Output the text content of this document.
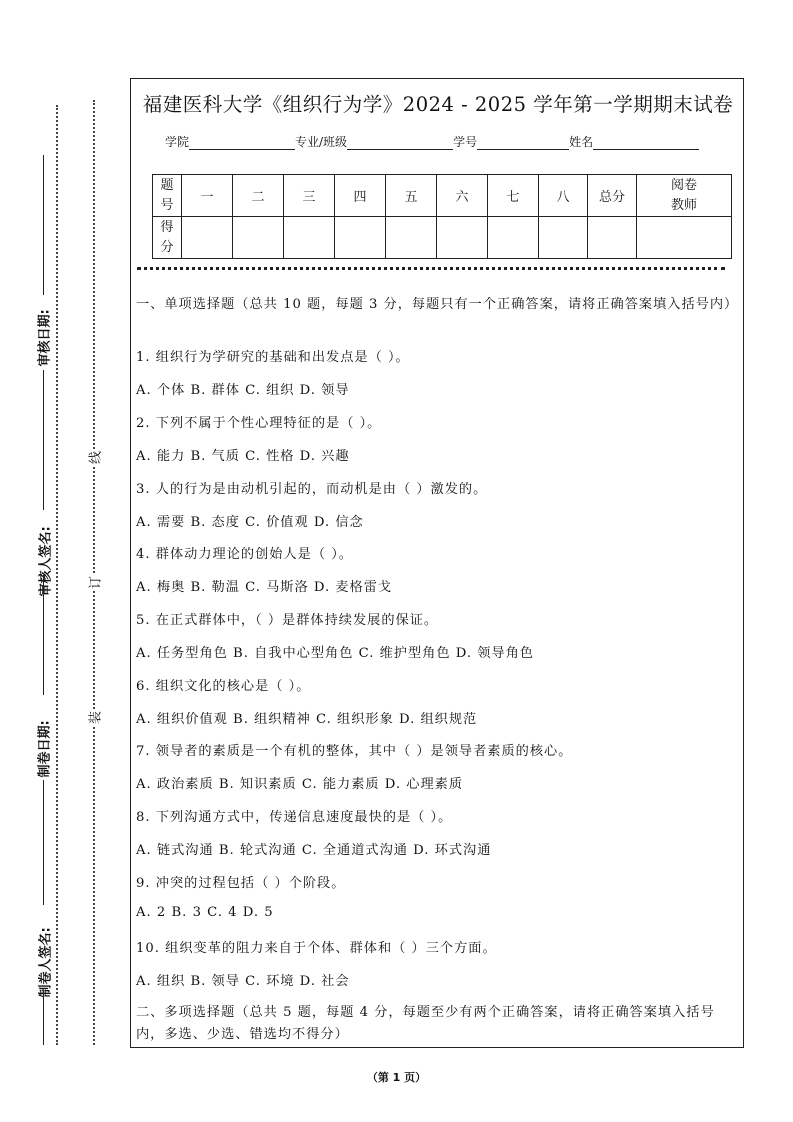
审核日期:
审核人签名:
制卷日期:
制卷人签名:
线
订
装
福建医科大学《组织行为学》2024 - 2025 学年第一学期期末试卷
学院	专业/班级	学号	姓名
题号	一	二	三	四	五	六	七	八	总分	阅卷教师
得分										

一、单项选择题（总共 10 题，每题 3 分，每题只有一个正确答案，请将正确答案填入括号内）

1. 组织行为学研究的基础和出发点是（ ）。

A. 个体 B. 群体 C. 组织 D. 领导

2. 下列不属于个性心理特征的是（ ）。

A. 能力 B. 气质 C. 性格 D. 兴趣

3. 人的行为是由动机引起的，而动机是由（ ）激发的。

A. 需要 B. 态度 C. 价值观 D. 信念

4. 群体动力理论的创始人是（ ）。

A. 梅奥 B. 勒温 C. 马斯洛 D. 麦格雷戈

5. 在正式群体中，（ ）是群体持续发展的保证。

A. 任务型角色 B. 自我中心型角色 C. 维护型角色 D. 领导角色

6. 组织文化的核心是（ ）。

A. 组织价值观 B. 组织精神 C. 组织形象 D. 组织规范

7. 领导者的素质是一个有机的整体，其中（ ）是领导者素质的核心。

A. 政治素质 B. 知识素质 C. 能力素质 D. 心理素质

8. 下列沟通方式中，传递信息速度最快的是（ ）。

A. 链式沟通 B. 轮式沟通 C. 全通道式沟通 D. 环式沟通

9. 冲突的过程包括（ ）个阶段。

A. 2 B. 3 C. 4 D. 5

10. 组织变革的阻力来自于个体、群体和（ ）三个方面。

A. 组织 B. 领导 C. 环境 D. 社会

二、多项选择题（总共 5 题，每题 4 分，每题至少有两个正确答案，请将正确答案填入括号内，多选、少选、错选均不得分）

（第 1 页）
